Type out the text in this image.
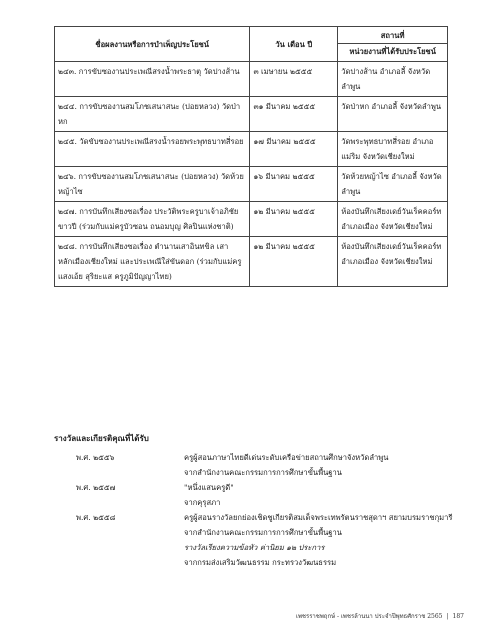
ชื่อผลงานหรือการบำเพ็ญประโยชน์	วัน เดือน ปี	สถานที่
หน่วยงานที่ได้รับประโยชน์

๒๔๓. การขับซองานประเพณีสรงน้ำพระธาตุ วัดปางส้าน	๓ เมษายน ๒๕๕๕	วัดปางส้าน อำเภอลี้ จังหวัดลำพูน
๒๔๔. การขับซองานสมโภชเสนาสนะ (ปอยหลวง) วัดป่าหก	๓๑ มีนาคม ๒๕๕๕	วัดป่าหก อำเภอลี้ จังหวัดลำพูน
๒๔๕. วัดขับซองานประเพณีสรงน้ำรอยพระพุทธบาทสี่รอย	๑๗ มีนาคม ๒๕๕๕	วัดพระพุทธบาทสี่รอย อำเภอแม่ริม จังหวัดเชียงใหม่
๒๔๖. การขับซองานสมโภชเสนาสนะ (ปอยหลวง) วัดห้วยหญ้าไซ	๑๖ มีนาคม ๒๕๕๕	วัดห้วยหญ้าไซ อำเภอลี้ จังหวัดลำพูน
๒๔๗. การบันทึกเสียงซอเรื่อง ประวัติพระครูบาเจ้าอภิชัยขาวปี (ร่วมกับแม่ครูบัวซอน ถนอมบุญ ศิลปินแห่งชาติ)	๑๒ มีนาคม ๒๕๕๕	ห้องบันทึกเสียงเดย์วันเร็คคอร์ท อำเภอเมือง จังหวัดเชียงใหม่
๒๔๘. การบันทึกเสียงซอเรื่อง ตำนานเสาอินทขิล เสาหลักเมืองเชียงใหม่ และประเพณีใส่ขันดอก (ร่วมกับแม่ครูแสงเอ้ย สุริยะแส ครูภูมิปัญญาไทย)	๑๒ มีนาคม ๒๕๕๕	ห้องบันทึกเสียงเดย์วันเร็คคอร์ท อำเภอเมือง จังหวัดเชียงใหม่
รางวัลและเกียรติคุณที่ได้รับ
พ.ศ. ๒๕๕๖	ครูผู้สอนภาษาไทยดีเด่นระดับเครือข่ายสถานศึกษาจังหวัดลำพูน
จากสำนักงานคณะกรรมการการศึกษาขั้นพื้นฐาน
พ.ศ. ๒๕๕๗	"หนึ่งแสนครูดี"
จากคุรุสภา
พ.ศ. ๒๕๕๘	ครูผู้สอนรางวัลยกย่องเชิดชูเกียรติสมเด็จพระเทพรัตนราชสุดาฯ สยามบรมราชกุมารี
จากสำนักงานคณะกรรมการการศึกษาขั้นพื้นฐาน
รางวัลเรียงความข้อหัว ค่านิยม ๑๒ ประการ
จากกรมส่งเสริมวัฒนธรรม กระทรวงวัฒนธรรม
เพชรราชพฤกษ์ - เพชรล้านนา ประจำปีพุทธศักราช 2565 | 187
